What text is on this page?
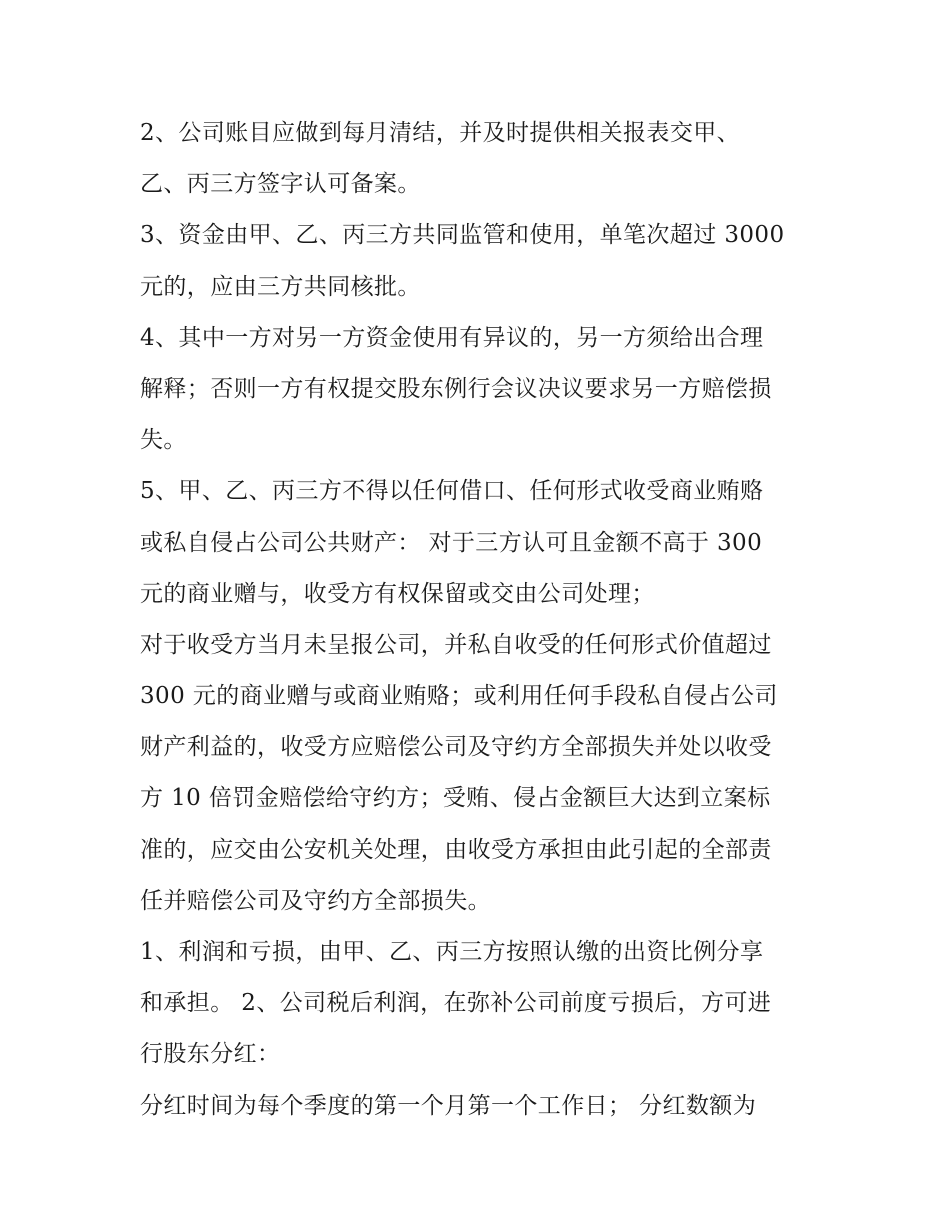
2、公司账目应做到每月清结，并及时提供相关报表交甲、
乙、丙三方签字认可备案。
3、资金由甲、乙、丙三方共同监管和使用，单笔次超过 3000
元的，应由三方共同核批。
4、其中一方对另一方资金使用有异议的，另一方须给出合理
解释；否则一方有权提交股东例行会议决议要求另一方赔偿损
失。
5、甲、乙、丙三方不得以任何借口、任何形式收受商业贿赂
或私自侵占公司公共财产： 对于三方认可且金额不高于 300
元的商业赠与，收受方有权保留或交由公司处理；
对于收受方当月未呈报公司，并私自收受的任何形式价值超过
300 元的商业赠与或商业贿赂；或利用任何手段私自侵占公司
财产利益的，收受方应赔偿公司及守约方全部损失并处以收受
方 10 倍罚金赔偿给守约方；受贿、侵占金额巨大达到立案标
准的，应交由公安机关处理，由收受方承担由此引起的全部责
任并赔偿公司及守约方全部损失。
1、利润和亏损，由甲、乙、丙三方按照认缴的出资比例分享
和承担。 2、公司税后利润，在弥补公司前度亏损后，方可进
行股东分红：
分红时间为每个季度的第一个月第一个工作日； 分红数额为
